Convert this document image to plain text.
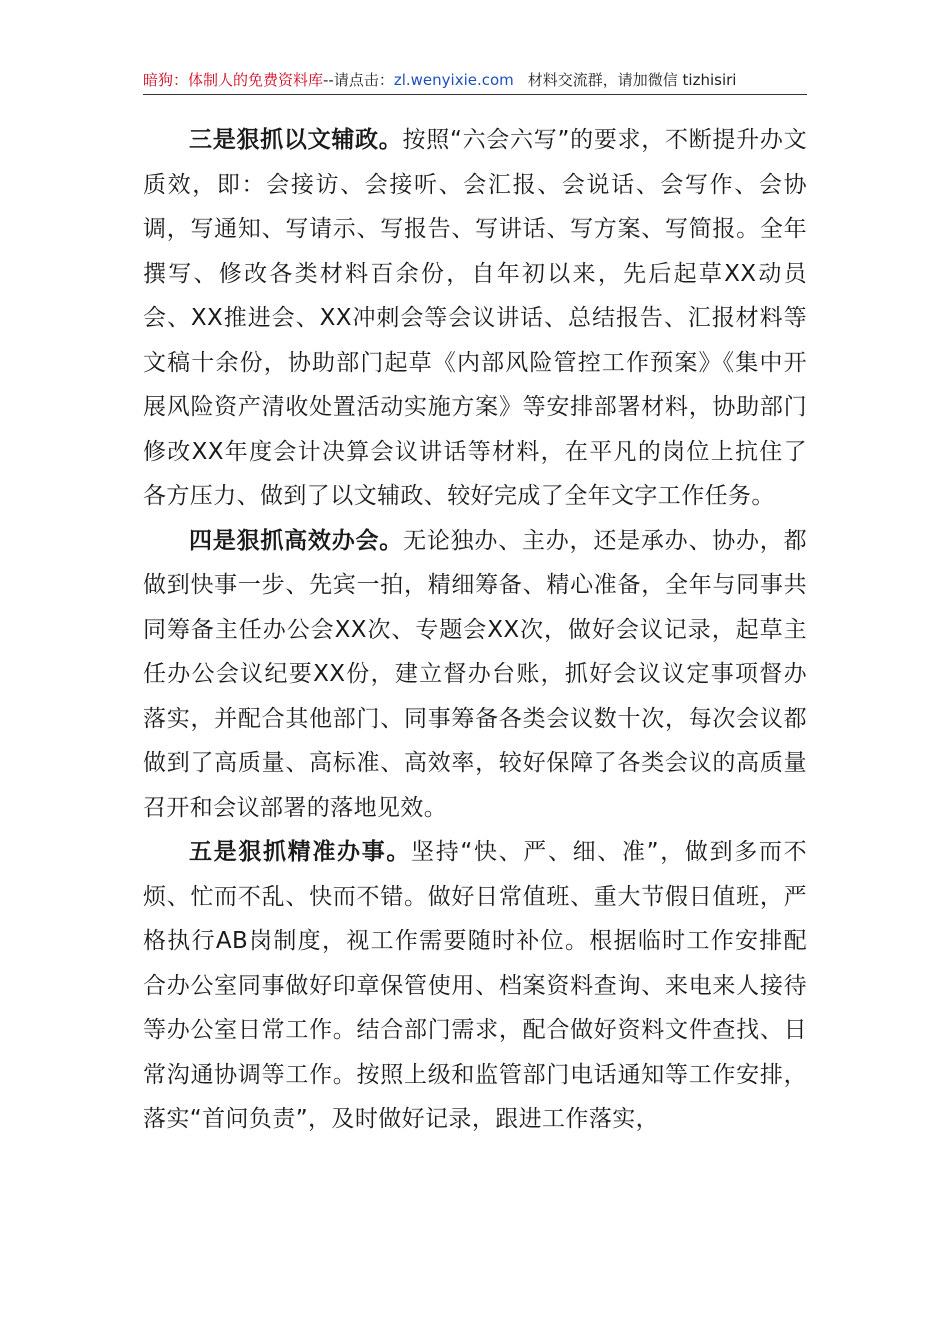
暗狗：体制人的免费资料库--请点击：zl.wenyixie.com 材料交流群，请加微信 tizhisiri

三是狠抓以文辅政。按照“六会六写”的要求，不断提升办文质效，即：会接访、会接听、会汇报、会说话、会写作、会协调，写通知、写请示、写报告、写讲话、写方案、写简报。全年撰写、修改各类材料百余份，自年初以来，先后起草XX动员会、XX推进会、XX冲刺会等会议讲话、总结报告、汇报材料等文稿十余份，协助部门起草《内部风险管控工作预案》《集中开展风险资产清收处置活动实施方案》等安排部署材料，协助部门修改XX年度会计决算会议讲话等材料，在平凡的岗位上抗住了各方压力、做到了以文辅政、较好完成了全年文字工作任务。

四是狠抓高效办会。无论独办、主办，还是承办、协办，都做到快事一步、先宾一拍，精细筹备、精心准备，全年与同事共同筹备主任办公会XX次、专题会XX次，做好会议记录，起草主任办公会议纪要XX份，建立督办台账，抓好会议议定事项督办落实，并配合其他部门、同事筹备各类会议数十次，每次会议都做到了高质量、高标准、高效率，较好保障了各类会议的高质量召开和会议部署的落地见效。

五是狠抓精准办事。坚持“快、严、细、准”，做到多而不烦、忙而不乱、快而不错。做好日常值班、重大节假日值班，严格执行AB岗制度，视工作需要随时补位。根据临时工作安排配合办公室同事做好印章保管使用、档案资料查询、来电来人接待等办公室日常工作。结合部门需求，配合做好资料文件查找、日常沟通协调等工作。按照上级和监管部门电话通知等工作安排，落实“首问负责”，及时做好记录，跟进工作落实，
